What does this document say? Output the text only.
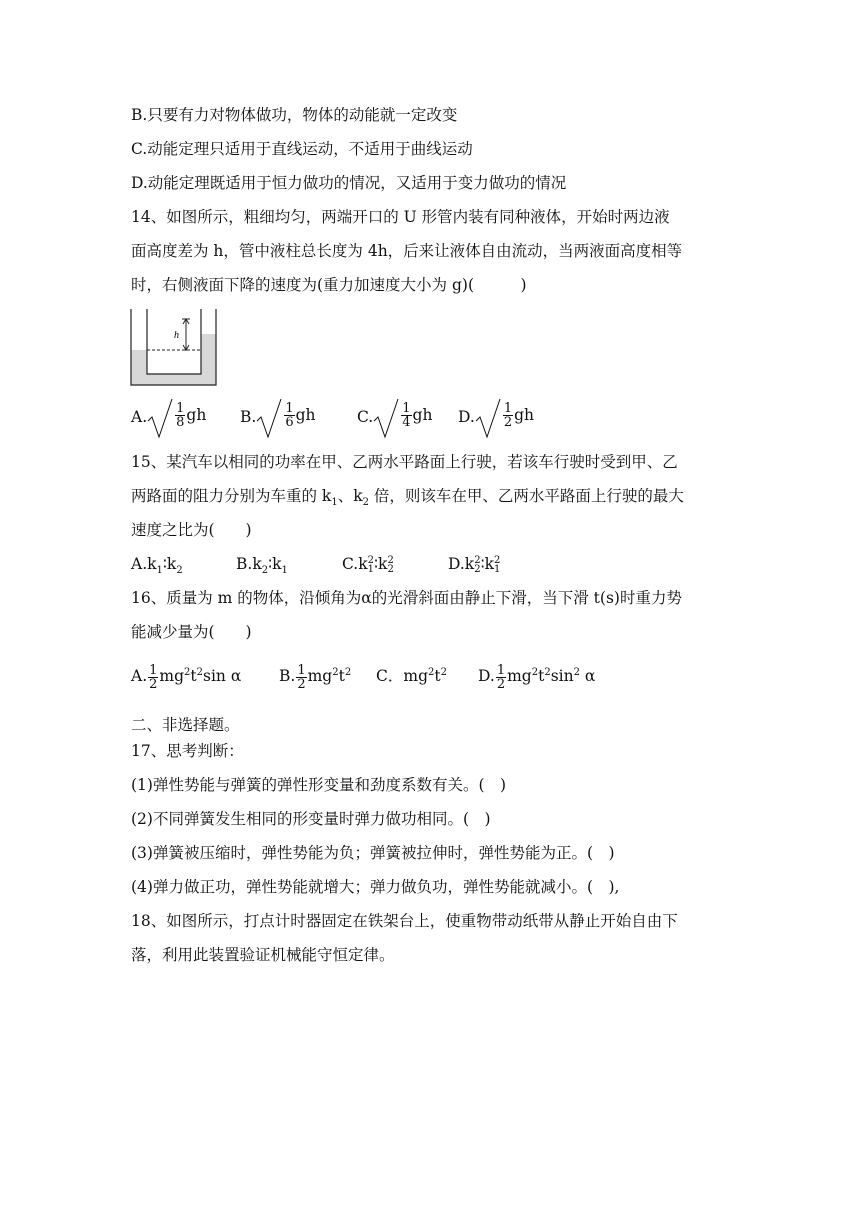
B.只要有力对物体做功，物体的动能就一定改变
C.动能定理只适用于直线运动，不适用于曲线运动
D.动能定理既适用于恒力做功的情况，又适用于变力做功的情况
14、如图所示，粗细均匀，两端开口的 U 形管内装有同种液体，开始时两边液
面高度差为 h，管中液柱总长度为 4h，后来让液体自由流动，当两液面高度相等
时，右侧液面下降的速度为(重力加速度大小为 g)(　　　)
h
A. $\frac{1}{8}$ gh B. $\frac{1}{6}$ gh	C. $\frac{1}{4}$ gh D. $\frac{1}{2}$ gh
15、某汽车以相同的功率在甲、乙两水平路面上行驶，若该车行驶时受到甲、乙
两路面的阻力分别为车重的 $k_1$、$k_2$ 倍，则该车在甲、乙两水平路面上行驶的最大
速度之比为(　　)
$A.k_1∶k_2$	$B.k_2∶k_1$	C.k 2
1 ∶k 2
2	D.k 2
2 ∶k 2
1
16、质量为 m 的物体，沿倾角为α的光滑斜面由静止下滑，当下滑 t(s)时重力势
能减少量为(　　)
A. $\frac{1}{2} mg^2t^2\sin$ α B. $\frac{1}{2} mg^2t^2$ C．$mg^2t^2$ D. $\frac{1}{2} mg^2t^2\sin^2$ α
二、非选择题。
17、思考判断：
(1)弹性势能与弹簧的弹性形变量和劲度系数有关。(　)
(2)不同弹簧发生相同的形变量时弹力做功相同。(　)
(3)弹簧被压缩时，弹性势能为负；弹簧被拉伸时，弹性势能为正。(　)
(4)弹力做正功，弹性势能就增大；弹力做负功，弹性势能就减小。(　),
18、如图所示，打点计时器固定在铁架台上，使重物带动纸带从静止开始自由下
落，利用此装置验证机械能守恒定律。
